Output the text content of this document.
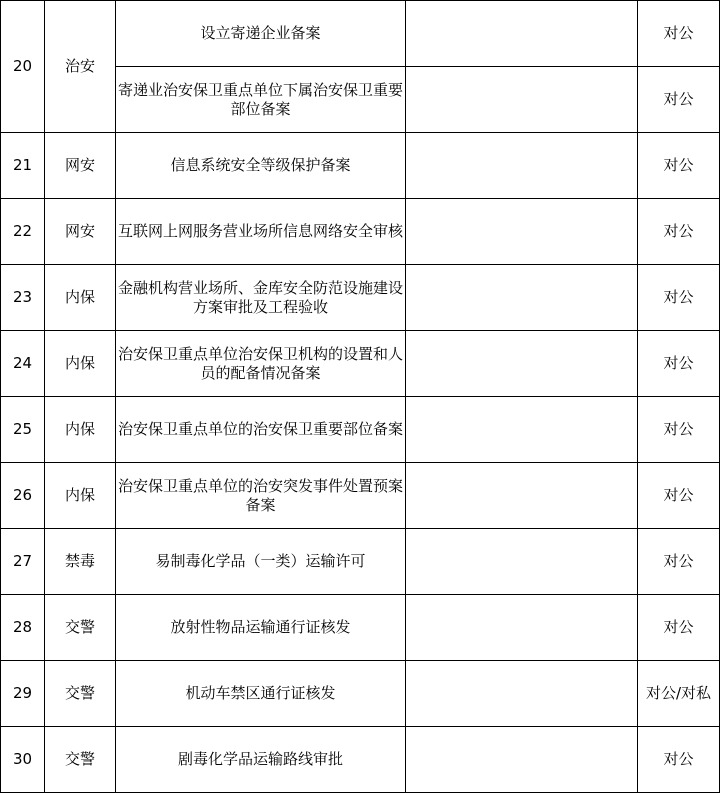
20	治安	设立寄递企业备案		对公
		寄递业治安保卫重点单位下属治安保卫重要部位备案		对公
21	网安	信息系统安全等级保护备案		对公
22	网安	互联网上网服务营业场所信息网络安全审核		对公
23	内保	金融机构营业场所、金库安全防范设施建设方案审批及工程验收		对公
24	内保	治安保卫重点单位治安保卫机构的设置和人员的配备情况备案		对公
25	内保	治安保卫重点单位的治安保卫重要部位备案		对公
26	内保	治安保卫重点单位的治安突发事件处置预案备案		对公
27	禁毒	易制毒化学品（一类）运输许可		对公
28	交警	放射性物品运输通行证核发		对公
29	交警	机动车禁区通行证核发		对公/对私
30	交警	剧毒化学品运输路线审批		对公
